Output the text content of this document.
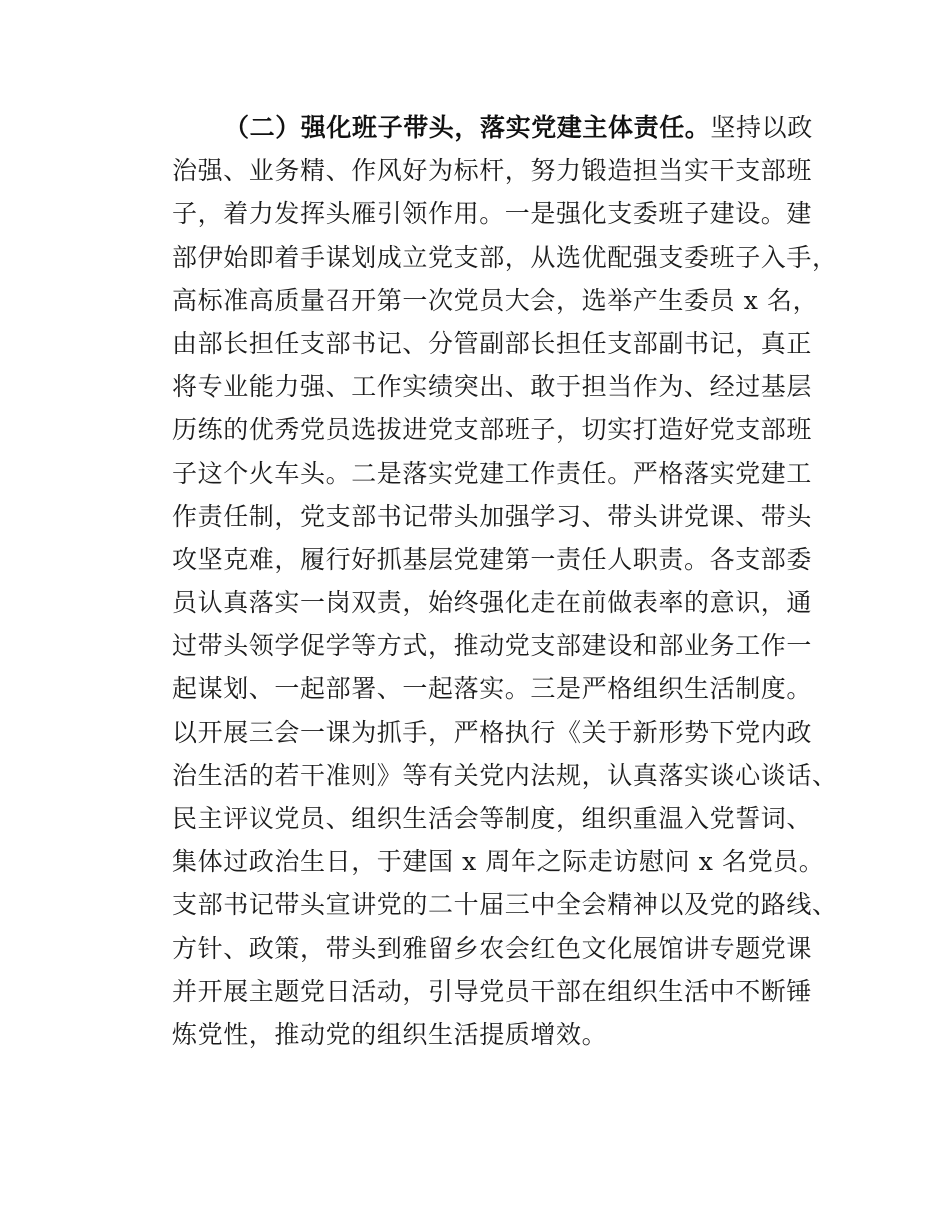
（二）强化班子带头，落实党建主体责任。坚持以政
治强、业务精、作风好为标杆，努力锻造担当实干支部班
子，着力发挥头雁引领作用。一是强化支委班子建设。建
部伊始即着手谋划成立党支部，从选优配强支委班子入手，
高标准高质量召开第一次党员大会，选举产生委员 x 名，
由部长担任支部书记、分管副部长担任支部副书记，真正
将专业能力强、工作实绩突出、敢于担当作为、经过基层
历练的优秀党员选拔进党支部班子，切实打造好党支部班
子这个火车头。二是落实党建工作责任。严格落实党建工
作责任制，党支部书记带头加强学习、带头讲党课、带头
攻坚克难，履行好抓基层党建第一责任人职责。各支部委
员认真落实一岗双责，始终强化走在前做表率的意识，通
过带头领学促学等方式，推动党支部建设和部业务工作一
起谋划、一起部署、一起落实。三是严格组织生活制度。
以开展三会一课为抓手，严格执行《关于新形势下党内政
治生活的若干准则》等有关党内法规，认真落实谈心谈话、
民主评议党员、组织生活会等制度，组织重温入党誓词、
集体过政治生日，于建国 x 周年之际走访慰问 x 名党员。
支部书记带头宣讲党的二十届三中全会精神以及党的路线、
方针、政策，带头到雅留乡农会红色文化展馆讲专题党课
并开展主题党日活动，引导党员干部在组织生活中不断锤
炼党性，推动党的组织生活提质增效。
